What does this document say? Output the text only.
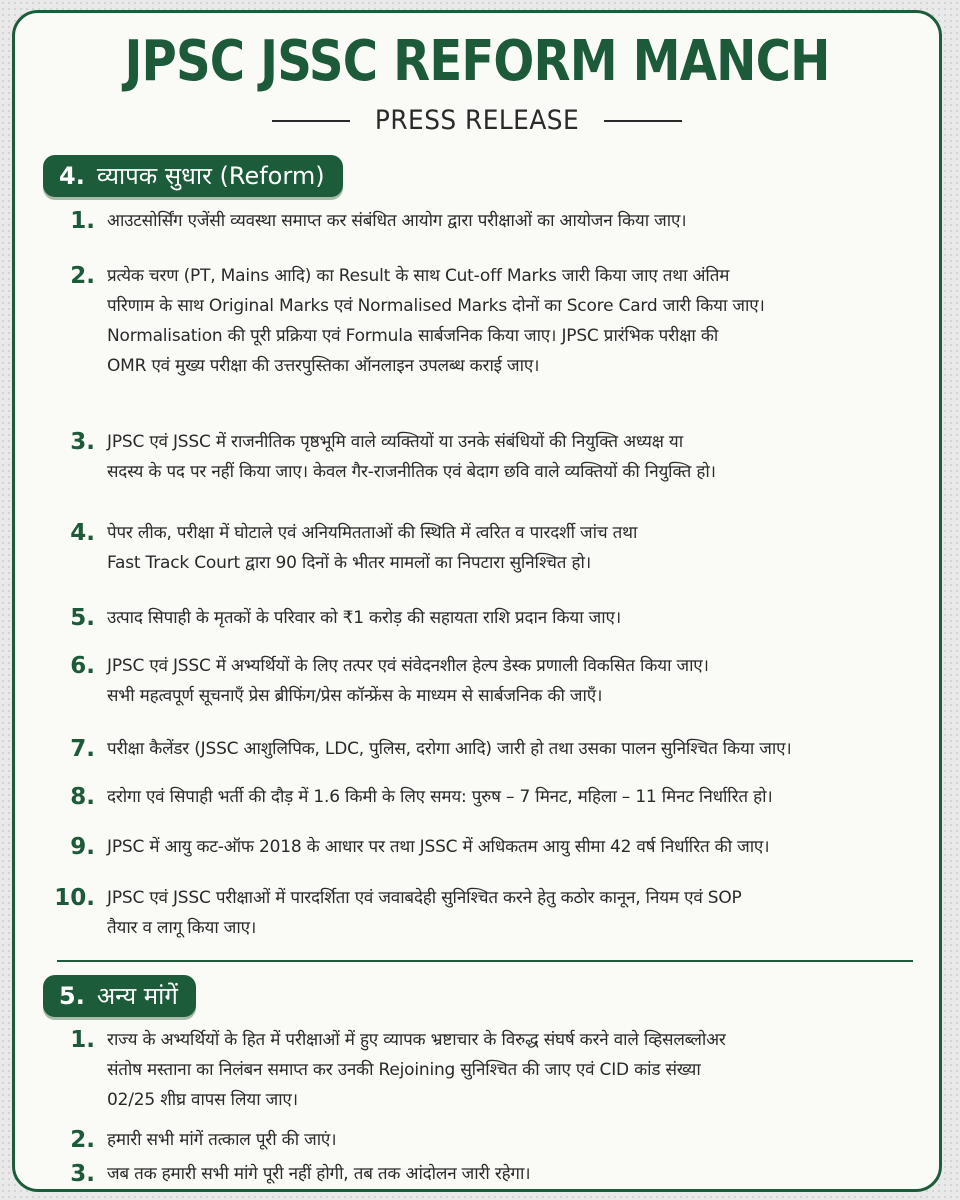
JPSC JSSC REFORM MANCH
PRESS RELEASE
4. व्यापक सुधार (Reform)
1. आउटसोर्सिंग एजेंसी व्यवस्था समाप्त कर संबंधित आयोग द्वारा परीक्षाओं का आयोजन किया जाए।
2. प्रत्येक चरण (PT, Mains आदि) का Result के साथ Cut-off Marks जारी किया जाए तथा अंतिम
परिणाम के साथ Original Marks एवं Normalised Marks दोनों का Score Card जारी किया जाए।
Normalisation की पूरी प्रक्रिया एवं Formula सार्बजनिक किया जाए। JPSC प्रारंभिक परीक्षा की
OMR एवं मुख्य परीक्षा की उत्तरपुस्तिका ऑनलाइन उपलब्ध कराई जाए।
3. JPSC एवं JSSC में राजनीतिक पृष्ठभूमि वाले व्यक्तियों या उनके संबंधियों की नियुक्ति अध्यक्ष या
सदस्य के पद पर नहीं किया जाए। केवल गैर-राजनीतिक एवं बेदाग छवि वाले व्यक्तियों की नियुक्ति हो।
4. पेपर लीक, परीक्षा में घोटाले एवं अनियमितताओं की स्थिति में त्वरित व पारदर्शी जांच तथा
Fast Track Court द्वारा 90 दिनों के भीतर मामलों का निपटारा सुनिश्चित हो।
5. उत्पाद सिपाही के मृतकों के परिवार को ₹1 करोड़ की सहायता राशि प्रदान किया जाए।
6. JPSC एवं JSSC में अभ्यर्थियों के लिए तत्पर एवं संवेदनशील हेल्प डेस्क प्रणाली विकसित किया जाए।
सभी महत्वपूर्ण सूचनाएँ प्रेस ब्रीफिंग/प्रेस कॉन्फ्रेंस के माध्यम से सार्बजनिक की जाएँ।
7. परीक्षा कैलेंडर (JSSC आशुलिपिक, LDC, पुलिस, दरोगा आदि) जारी हो तथा उसका पालन सुनिश्चित किया जाए।
8. दरोगा एवं सिपाही भर्ती की दौड़ में 1.6 किमी के लिए समय: पुरुष – 7 मिनट, महिला – 11 मिनट निर्धारित हो।
9. JPSC में आयु कट-ऑफ 2018 के आधार पर तथा JSSC में अधिकतम आयु सीमा 42 वर्ष निर्धारित की जाए।
10. JPSC एवं JSSC परीक्षाओं में पारदर्शिता एवं जवाबदेही सुनिश्चित करने हेतु कठोर कानून, नियम एवं SOP
तैयार व लागू किया जाए।
5. अन्य मांगें
1. राज्य के अभ्यर्थियों के हित में परीक्षाओं में हुए व्यापक भ्रष्टाचार के विरुद्ध संघर्ष करने वाले व्हिसलब्लोअर
संतोष मस्ताना का निलंबन समाप्त कर उनकी Rejoining सुनिश्चित की जाए एवं CID कांड संख्या
02/25 शीघ्र वापस लिया जाए।
2. हमारी सभी मांगें तत्काल पूरी की जाएं।
3. जब तक हमारी सभी मांगे पूरी नहीं होगी, तब तक आंदोलन जारी रहेगा।
